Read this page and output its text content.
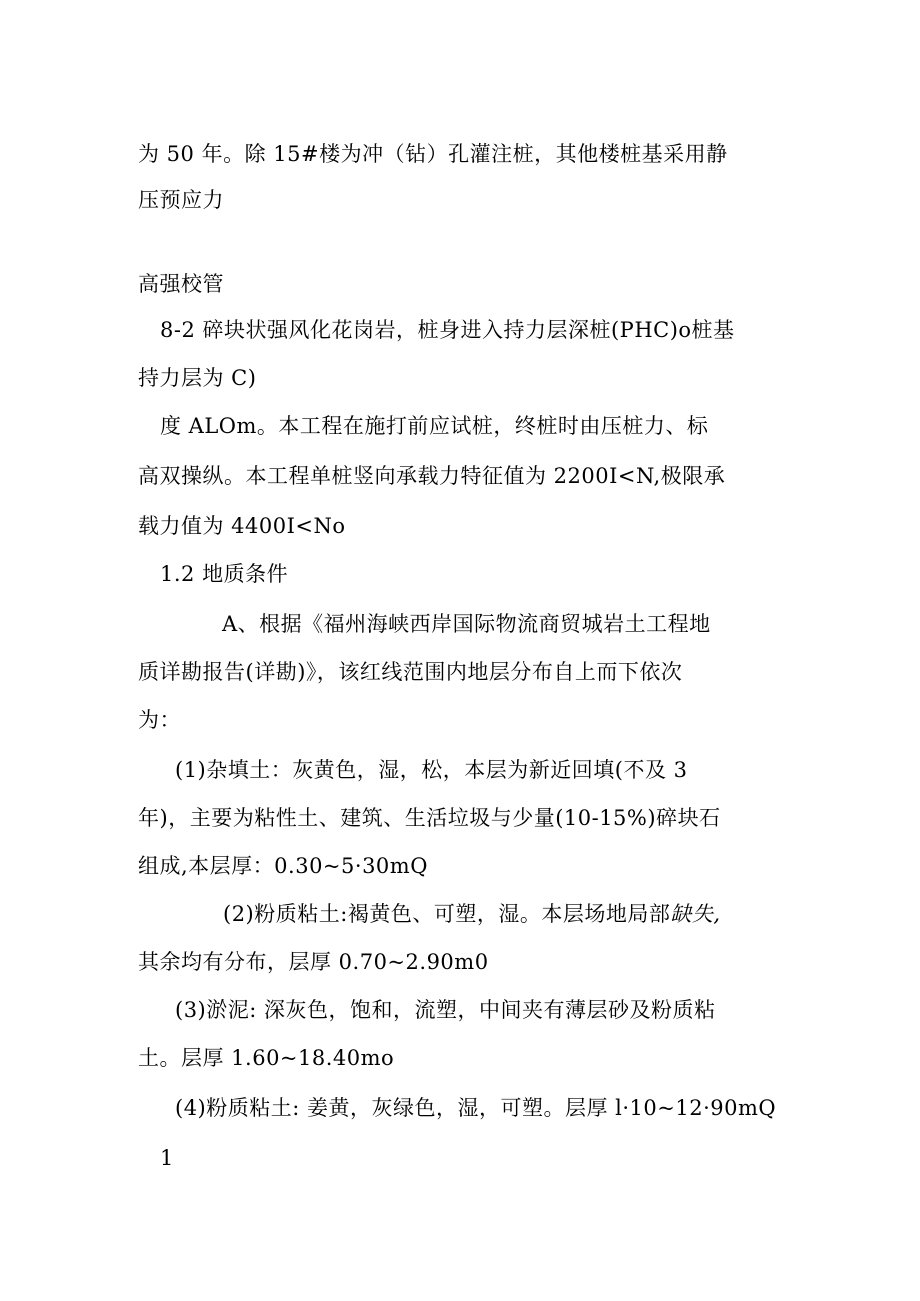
为 50 年。除 15#楼为冲（钻）孔灌注桩，其他楼桩基采用静
压预应力
高强校管
8-2 碎块状强风化花岗岩，桩身进入持力层深桩(PHC)o桩基
持力层为 C)
度 ALOm。本工程在施打前应试桩，终桩时由压桩力、标
高双操纵。本工程单桩竖向承载力特征值为 2200I<N,极限承
载力值为 4400I<No
1.2 地质条件
A、根据《福州海峡西岸国际物流商贸城岩土工程地
质详勘报告(详勘)》，该红线范围内地层分布自上而下依次
为：
(1)杂填土：灰黄色，湿，松，本层为新近回填(不及 3
年)，主要为粘性土、建筑、生活垃圾与少量(10-15%)碎块石
组成,本层厚：0.30~5·30mQ
(2)粉质粘土:褐黄色、可塑，湿。本层场地局部缺失,
其余均有分布，层厚 0.70~2.90m0
(3)淤泥: 深灰色，饱和，流塑，中间夹有薄层砂及粉质粘
土。层厚 1.60~18.40mo
(4)粉质粘土: 姜黄，灰绿色，湿，可塑。层厚 l·10~12·90mQ
1
